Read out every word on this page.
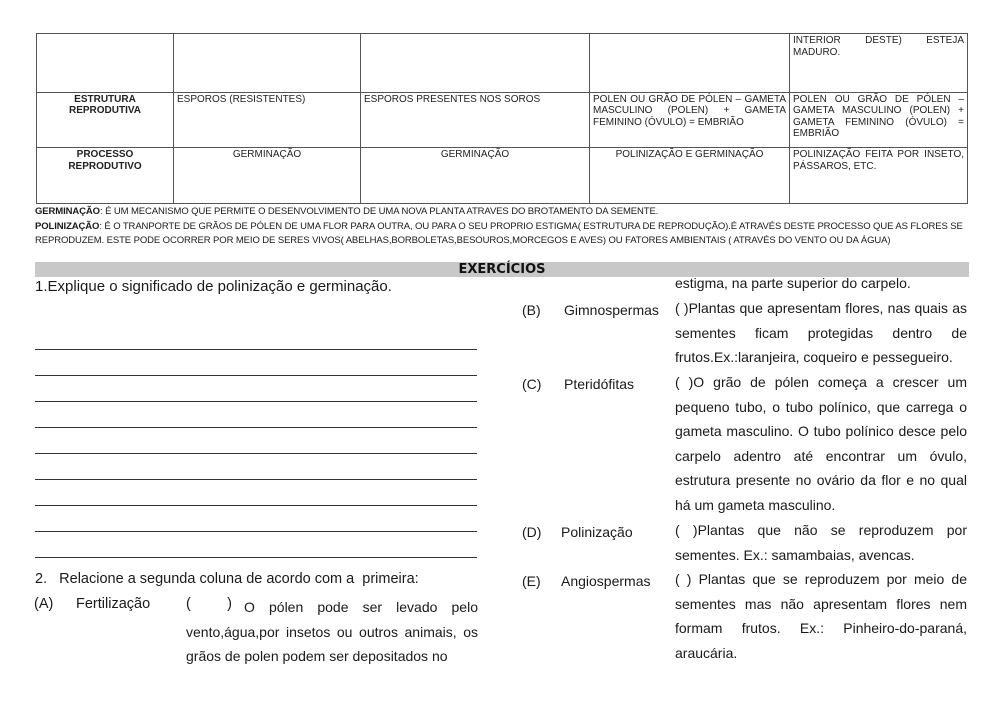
				INTERIOR DESTE) ESTEJA MADURO.
ESTRUTURA REPRODUTIVA	ESPOROS (RESISTENTES)	ESPOROS PRESENTES NOS SOROS	POLEN OU GRÃO DE PÓLEN – GAMETA MASCULINO (POLEN) + GAMETA FEMININO (ÓVULO) = EMBRIÃO	POLEN OU GRÃO DE PÓLEN – GAMETA MASCULINO (POLEN) + GAMETA FEMININO (ÓVULO) = EMBRIÃO
PROCESSO REPRODUTIVO	GERMINAÇÃO	GERMINAÇÃO	POLINIZAÇÃO E GERMINAÇÃO	POLINIZAÇÃO FEITA POR INSETO, PÁSSAROS, ETC.
GERMINAÇÃO: É UM MECANISMO QUE PERMITE O DESENVOLVIMENTO DE UMA NOVA PLANTA ATRAVES DO BROTAMENTO DA SEMENTE.
POLINIZAÇÃO: É O TRANPORTE DE GRÃOS DE PÓLEN DE UMA FLOR PARA OUTRA, OU PARA O SEU PROPRIO ESTIGMA( ESTRUTURA DE REPRODUÇÃO).É ATRAVÉS DESTE PROCESSO QUE AS FLORES SE REPRODUZEM. ESTE PODE OCORRER POR MEIO DE SERES VIVOS( ABELHAS,BORBOLETAS,BESOUROS,MORCEGOS E AVES) OU FATORES AMBIENTAIS ( ATRAVÉS DO VENTO OU DA ÁGUA)
EXERCÍCIOS
1.Explique o significado de polinização e germinação.
2.   Relacione a segunda coluna de acordo com a  primeira:
(A) Fertilização (         ) O pólen pode ser levado pelo vento,água,por insetos ou outros animais, os grãos de polen podem ser depositados no
estigma, na parte superior do carpelo.
(B) Gimnospermas ( )Plantas que apresentam flores, nas quais as sementes ficam protegidas dentro de frutos.Ex.:laranjeira, coqueiro e pessegueiro.
(C) Pteridófitas	( )O grão de pólen começa a crescer um pequeno tubo, o tubo polínico, que carrega o gameta masculino. O tubo polínico desce pelo carpelo adentro até encontrar um óvulo, estrutura presente no ovário da flor e no qual há um gameta masculino.
(D) Polinização	( )Plantas que não se reproduzem por sementes. Ex.: samambaias, avencas.
(E) Angiospermas ( ) Plantas que se reproduzem por meio de sementes mas não apresentam flores nem formam frutos. Ex.: Pinheiro-do-paraná, araucária.
